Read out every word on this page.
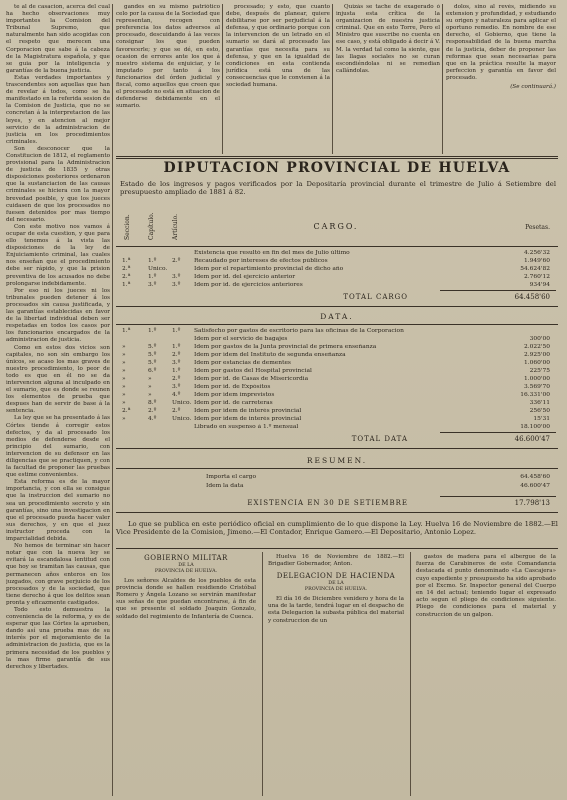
te al de casacion, acerca del cual ha hecho observaciones muy importantes la Comision del Tribunal Supremo, que naturalmente han sido acogidas con el respeto que merecen una Corporacion que sabe á la cabeza de la Magistratura española, y que se guia por la inteligencia y garantías de la buena justicia.

Estas verdades importantes y trascendentes son aquellas que han de revelar á todos, como se ha manifestado en la referida sesion de la Comision de Justicia, que no se concretan á la interpretacion de las leyes, y en atencion al mejor servicio de la administracion de justicia en los procedimientos criminales.

Son desconocer que la Constitucion de 1812, el reglamento provisional para la Administracion de justicia de 1835 y otras disposiciones posteriores ordenaron que la sustanciacion de las causas criminales se hiciera con la mayor brevedad posible, y que los jueces cuidasen de que los procesados no fuesen detenidos por mas tiempo del necesario.

Con este motivo nos vamos á ocupar de esta cuestion, y que para ello tenemos á la vista las disposiciones de la ley de Enjuiciamiento criminal, las cuales nos enseñan que el procedimiento debe ser rápido, y que la prision preventiva de los acusados no debe prolongarse indebidamente.

Por eso ni los jueces ni los tribunales pueden detener á los procesados sin causa justificada, y las garantías establecidas en favor de la libertad individual deben ser respetadas en todos los casos por los funcionarios encargados de la administracion de justicia.

Como en estos dos vicios son capitales, no son sin embargo los únicos, se acaso los mas graves de nuestro procedimiento, lo peor de todo es que en él no se da intervencion alguna al inculpado en el sumario, que es donde se reunen los elementos de prueba que despues han de servir de base á la sentencia.

La ley que se ha presentado á las Córtes tiende á corregir estos defectos, y da al procesado los medios de defenderse desde el principio del sumario, con intervencion de su defensor en las diligencias que se practiquen, y con la facultad de proponer las pruebas que estime convenientes.

Esta reforma es de la mayor importancia, y con ella se consigue que la instruccion del sumario no sea un procedimiento secreto y sin garantías, sino una investigacion en que el procesado pueda hacer valer sus derechos, y en que el juez instructor proceda con la imparcialidad debida.

No hemos de terminar sin hacer notar que con la nueva ley se evitará la escandalosa lentitud con que hoy se tramitan las causas, que permanecen años enteros en los juzgados, con grave perjuicio de los procesados y de la sociedad, que tiene derecho á que los delitos sean pronta y eficazmente castigados.

Todo esto demuestra la conveniencia de la reforma, y es de esperar que las Córtes la aprueben, dando así una prueba mas de su interés por el mejoramiento de la administracion de justicia, que es la primera necesidad de los pueblos y la mas firme garantía de sus derechos y libertades.

gandes en su mismo patriótico celo por la causa de la Sociedad que representan, recogen con preferencia los datos adversos al procesado, descuidando á las veces consignar los que pueden favorecerle; y que se dé, en esto, ocasion de errores ante los que á nuestro sistema de enjuiciar, y le imputado por tanto á los funcionarios del órden judicial y fiscal, como aquellos que creen que el procesado no está en situacion de defenderse debidamente en el sumario.

procesado; y esto, que cuanto debe, después de planear, quiere debilitarse por ser perjudicial á la defensa, y que ordinario porque con la intervencion de un letrado en el sumario se dará al procesado las garantías que necesita para su defensa, y que en la igualdad de condiciones en esta contienda jurídica está una de las consecuencias que le convienen á la sociedad humana.

Quizás se tache de exagerado ó injusta esta crítica de la organizacion de nuestra justicia criminal. Que en esto Torre, Pero el Ministro que suscribe no cuenta en ese caso, y está obligado á decir á V. M. la verdad tal como la siente, que las llagas sociales no se curan escondiéndolas ni se remedian callándolas.

dolos, sino al revés, midiendo su extension y profundidad, y estudiando su origen y naturaleza para aplicar el oportuno remedio. En nombre de ese derecho, el Gobierno, que tiene la responsabilidad de la buena marcha de la justicia, deber de proponer las reformas que sean necesarias para que en la práctica resulte la mayor perfeccion y garantía en favor del procesado.

(Se continuará.)
DIPUTACION PROVINCIAL DE HUELVA
Estado de los ingresos y pagos verificados por la Depositaría provincial durante el trimestre de Julio á Setiembre del presupuesto ampliado de 1881 á 82.
Seccion.	Capítulo.	Artículo.	CARGO.	Pesetas.
Existencia que resultó en fin del mes de Julio último	4.256'32
1.ª	1.º	2.º	Recaudado por intereses de efectos públicos	1.949'60
2.ª	Unico.	Idem por el repartimiento provincial de dicho año	54.624'82
2.ª	1.º	3.º	Idem por id. del ejercicio anterior	2.760'12
1.ª	3.º	3.º	Idem por id. de ejercicios anteriores	934'94
TOTAL CARGO	64.458'60
DATA.
1.ª	1.º	1.º	Satisfecho por gastos de escritorio para las oficinas de la Corporacion
Idem por el servicio de bagajes	300'00
»	5.º	1.º	Idem por gastos de la Junta provincial de primera enseñanza	2.022'50
»	5.º	2.º	Idem por idem del Instituto de segunda enseñanza	2.925'00
»	5.º	3.º	Idem por estancias de dementes	1.060'00
»	6.º	1.º	Idem por gastos del Hospital provincial	225'75
»	»	2.º	Idem por id. de Casas de Misericordia	1.000'00
»	»	3.º	Idem por id. de Expósitos	3.569'70
»	»	4.º	Idem por idem imprevistos	16.331'00
»	8.º	Unico. Idem por id. de carreteras	336'11
2.ª	2.º	2.º	Idem por idem de interés provincial	256'50
»	4.º	Unico. Idem por idem de interés provincial	15'31
Librado en suspenso á 1.º mensual	18.100'00
TOTAL DATA	46.600'47
RESUMEN.
Importa el cargo	64.458'60
Idem la data	46.600'47
EXISTENCIA EN 30 DE SETIEMBRE	17.798'13

Lo que se publica en este periódico oficial en cumplimiento de lo que dispone la Ley. Huelva 16 de Noviembre de 1882.—El Vice Presidente de la Comision, Jimeno.—El Contador, Enrique Gamero.—El Depositario, Antonio Lopez.

GOBIERNO MILITAR
DE LA
PROVINCIA DE HUELVA.

Los señores Alcaldes de los pueblos de esta provincia donde se hallen residiendo Cristóbal Romero y Ángela Lozano se servirán manifestar sus señas de que puedan encontrarse, á fin de que se presente el soldado Joaquin Gonzalo, soldado del regimiento de Infantería de Cuenca.

Huelva 16 de Noviembre de 1882.—El Brigadier Gobernador, Anton.

DELEGACION DE HACIENDA
DE LA
PROVINCIA DE HUELVA.

El día 16 de Diciembre venidero y hora de la una de la tarde, tendrá lugar en el despacho de esta Delegacion la subasta pública del material y construccion de un

gastos de madera para el albergue de la fuerza de Carabineros de este Comandancia destacada el punto denominado «La Cascajera» cuyo expediente y presupuesto ha sido aprobado por el Excmo. Sr. Inspector general del Cuerpo en 14 del actual; teniendo lugar el expresado acto segun el pliego de condiciones siguiente. Pliego de condiciones para el material y construccion de un galpon.
